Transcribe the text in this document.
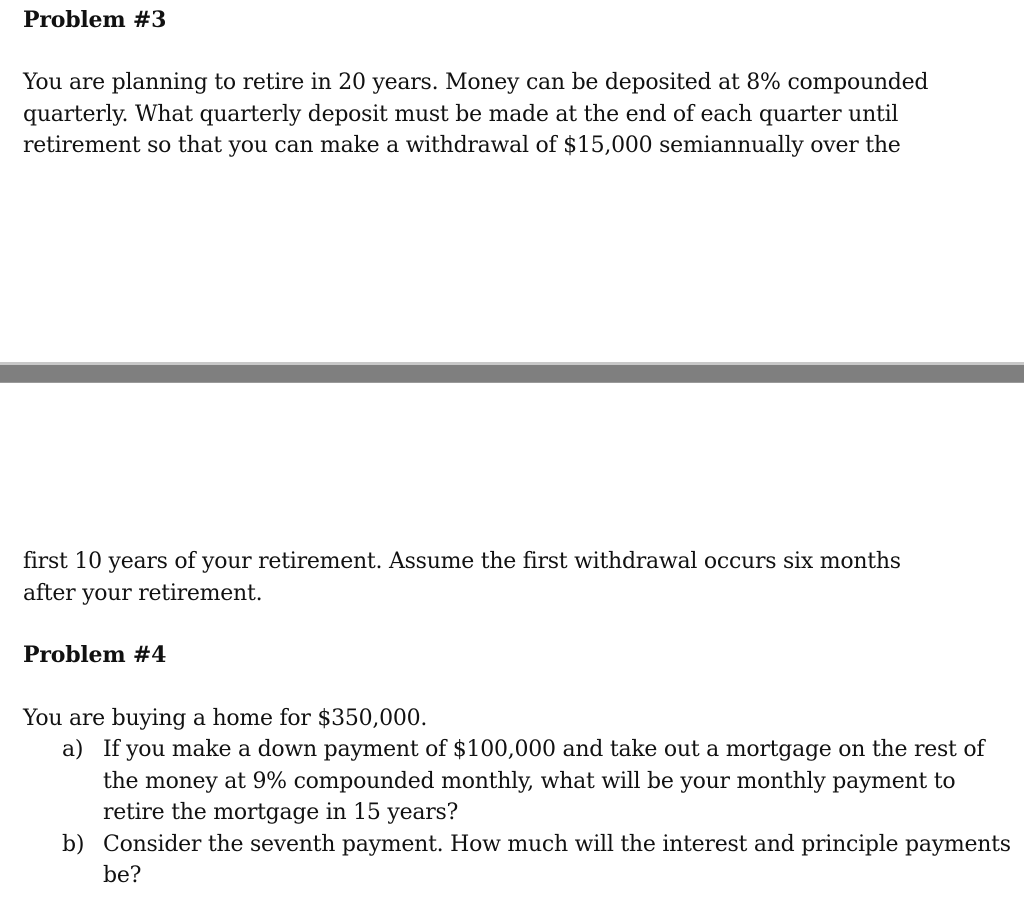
Problem #3
You are planning to retire in 20 years. Money can be deposited at 8% compounded
quarterly. What quarterly deposit must be made at the end of each quarter until
retirement so that you can make a withdrawal of $15,000 semiannually over the
first 10 years of your retirement. Assume the first withdrawal occurs six months
after your retirement.
Problem #4
You are buying a home for $350,000.
a) If you make a down payment of $100,000 and take out a mortgage on the rest of the money at 9% compounded monthly, what will be your monthly payment to retire the mortgage in 15 years?
b) Consider the seventh payment. How much will the interest and principle payments be?
